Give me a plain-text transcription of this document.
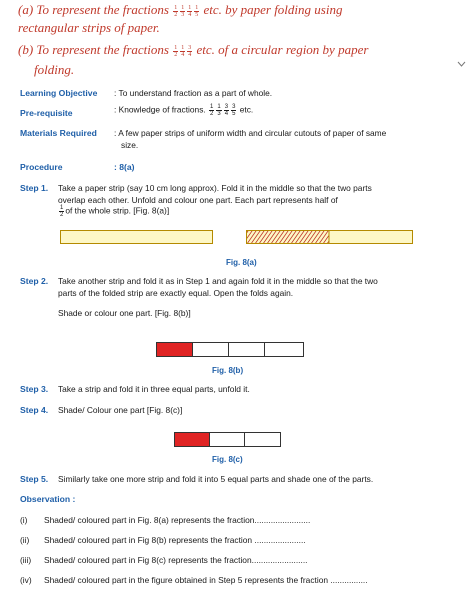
(a) To represent the fractions $\frac{1}{2} \frac{1}{3} \frac{1}{4} \frac{1}{5}$ etc. by paper folding using
rectangular strips of paper.
(b) To represent the fractions $\frac{1}{2} \frac{1}{4} \frac{3}{4}$ etc. of a circular region by paper
folding.
Learning Objective : To understand fraction as a part of whole.
Pre-requisite	: Knowledge of fractions. $\frac{1}{2} \frac{1}{3} \frac{3}{4} \frac{3}{5}$ etc.
Materials Required : A few paper strips of uniform width and circular cutouts of paper of same
size.
Procedure	: 8(a)
Step 1. Take a paper strip (say 10 cm long approx). Fold it in the middle so that the two parts
overlap each other. Unfold and colour one part. Each part represents half of
$\frac{1}{2}$ of the whole strip. [Fig. 8(a)]
Fig. 8(a)
Step 2. Take another strip and fold it as in Step 1 and again fold it in the middle so that the two
parts of the folded strip are exactly equal. Open the folds again.
Shade or colour one part. [Fig. 8(b)]
Fig. 8(b)
Step 3. Take a strip and fold it in three equal parts, unfold it.
Step 4. Shade/ Colour one part [Fig. 8(c)]
Fig. 8(c)
Step 5. Similarly take one more strip and fold it into 5 equal parts and shade one of the parts.
Observation :
(i) Shaded/ coloured part in Fig. 8(a) represents the fraction........................
(ii) Shaded/ coloured part in Fig 8(b) represents the fraction ......................
(iii) Shaded/ coloured part in Fig 8(c) represents the fraction........................
(iv) Shaded/ coloured part in the figure obtained in Step 5 represents the fraction ................
